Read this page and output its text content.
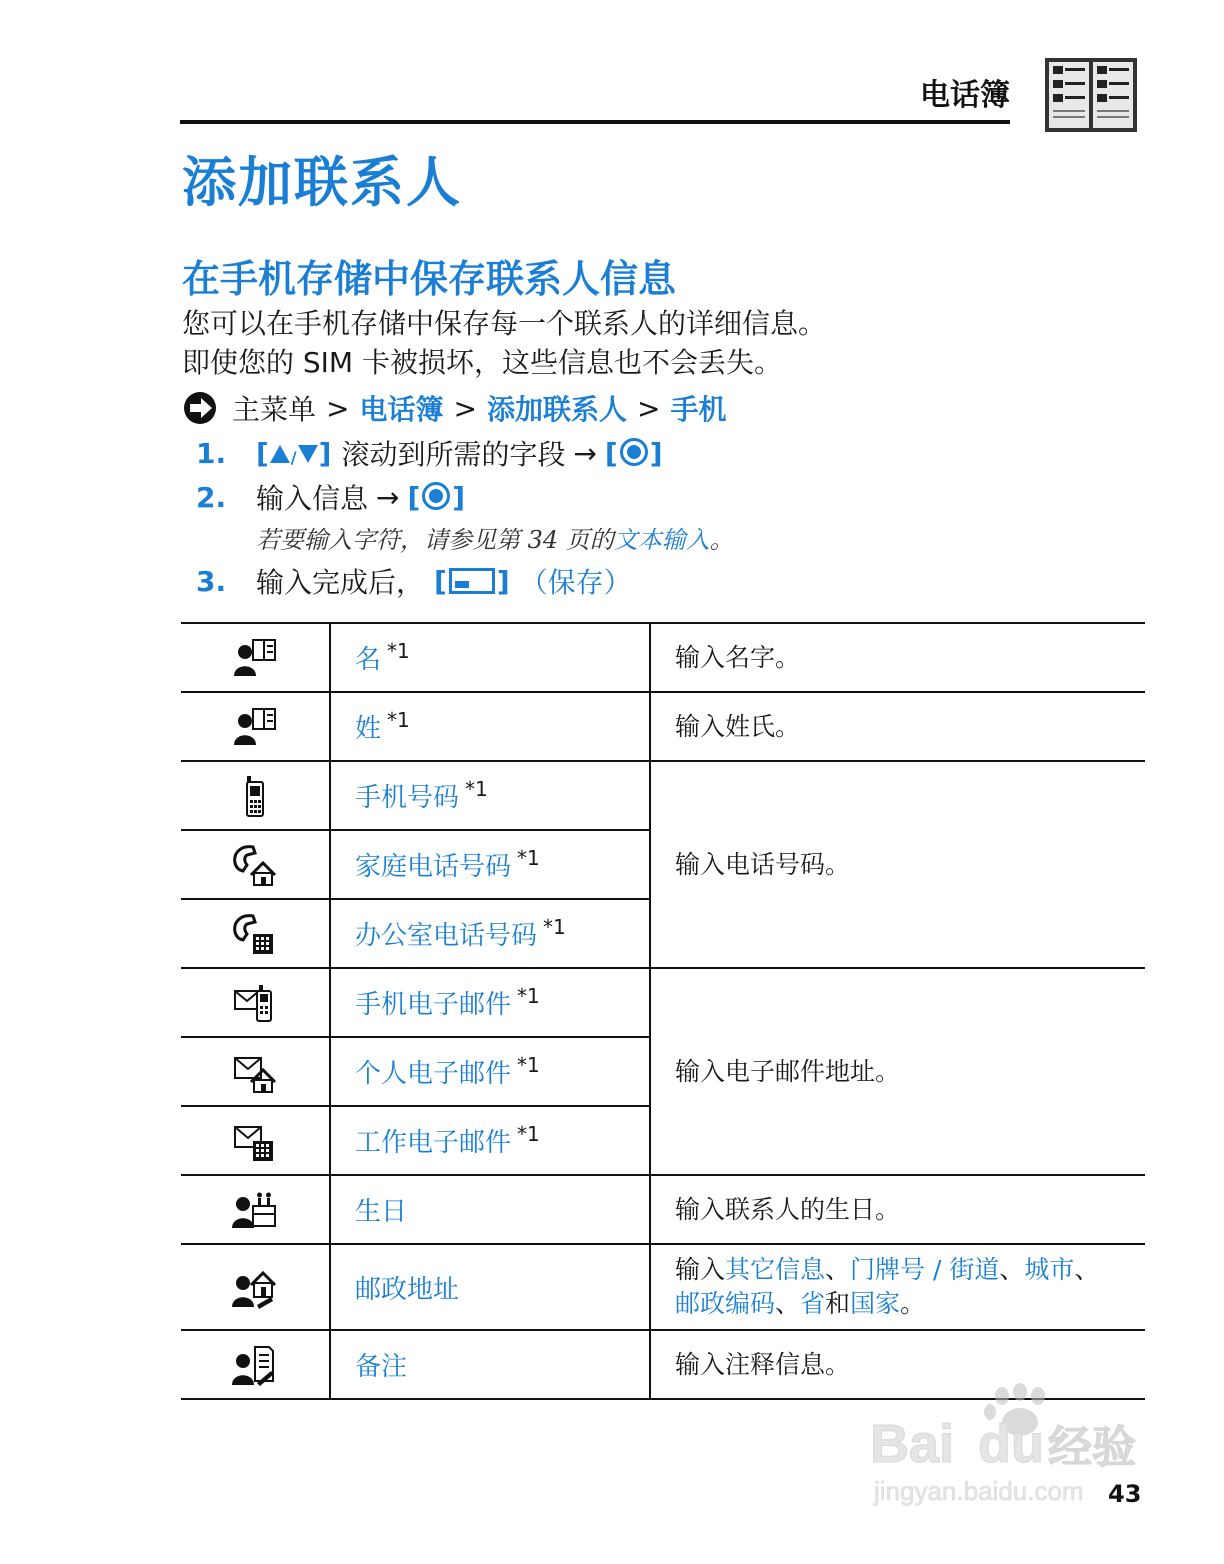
电话簿
添加联系人
在手机存储中保存联系人信息
您可以在手机存储中保存每一个联系人的详细信息。
即使您的 SIM 卡被损坏，这些信息也不会丢失。
主菜单 > 电话簿 > 添加联系人 > 手机
1.	[ / ] 滚动到所需的字段 → [ ]
2.	输入信息 → [ ]
若要输入字符，请参见第 34 页的文本输入。
3.	输入完成后， [ ] （保存）
	名 $^{*1}$	输入名字。
	姓 $^{*1}$	输入姓氏。
	手机号码 $^{*1}$	输入电话号码。
	家庭电话号码 $^{*1}$
	办公室电话号码 $^{*1}$
	手机电子邮件 $^{*1}$	输入电子邮件地址。
	个人电子邮件 $^{*1}$
	工作电子邮件 $^{*1}$
	生日	输入联系人的生日。
	邮政地址	输入其它信息、门牌号 / 街道、城市、
邮政编码、省和国家。
	备注	输入注释信息。
Bai du 经验
jingyan.baidu.com 43
